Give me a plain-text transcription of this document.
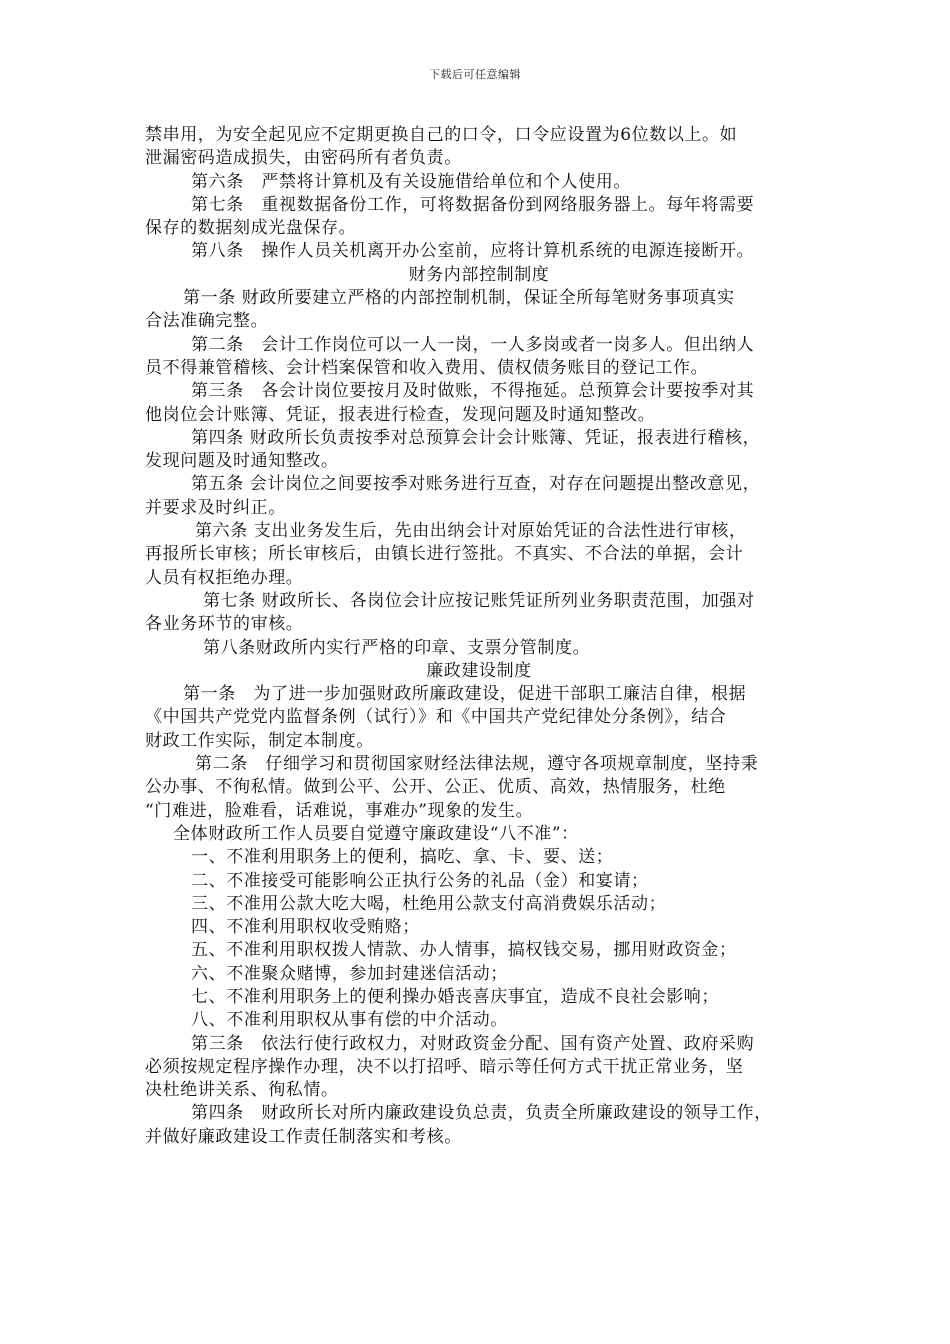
下载后可任意编辑
禁串用，为安全起见应不定期更换自己的口令，口令应设置为6位数以上。如
泄漏密码造成损失，由密码所有者负责。
第六条　严禁将计算机及有关设施借给单位和个人使用。
第七条　重视数据备份工作，可将数据备份到网络服务器上。每年将需要
保存的数据刻成光盘保存。
第八条　操作人员关机离开办公室前，应将计算机系统的电源连接断开。
财务内部控制制度
第一条 财政所要建立严格的内部控制机制，保证全所每笔财务事项真实
合法准确完整。
第二条　会计工作岗位可以一人一岗，一人多岗或者一岗多人。但出纳人
员不得兼管稽核、会计档案保管和收入费用、债权债务账目的登记工作。
第三条　各会计岗位要按月及时做账，不得拖延。总预算会计要按季对其
他岗位会计账簿、凭证，报表进行检查，发现问题及时通知整改。
第四条 财政所长负责按季对总预算会计会计账簿、凭证，报表进行稽核，
发现问题及时通知整改。
第五条 会计岗位之间要按季对账务进行互查，对存在问题提出整改意见，
并要求及时纠正。
第六条 支出业务发生后，先由出纳会计对原始凭证的合法性进行审核，
再报所长审核；所长审核后，由镇长进行签批。不真实、不合法的单据，会计
人员有权拒绝办理。
第七条 财政所长、各岗位会计应按记账凭证所列业务职责范围，加强对
各业务环节的审核。
第八条财政所内实行严格的印章、支票分管制度。
廉政建设制度
第一条　为了进一步加强财政所廉政建设，促进干部职工廉洁自律，根据
《中国共产党党内监督条例（试行）》和《中国共产党纪律处分条例》，结合
财政工作实际，制定本制度。
第二条　仔细学习和贯彻国家财经法律法规，遵守各项规章制度，坚持秉
公办事、不徇私情。做到公平、公开、公正、优质、高效，热情服务，杜绝
“门难进，脸难看，话难说，事难办”现象的发生。
全体财政所工作人员要自觉遵守廉政建设“八不准”：
一、不准利用职务上的便利，搞吃、拿、卡、要、送；
二、不准接受可能影响公正执行公务的礼品（金）和宴请；
三、不准用公款大吃大喝，杜绝用公款支付高消费娱乐活动；
四、不准利用职权收受贿赂；
五、不准利用职权拨人情款、办人情事，搞权钱交易，挪用财政资金；
六、不准聚众赌博，参加封建迷信活动；
七、不准利用职务上的便利操办婚丧喜庆事宜，造成不良社会影响；
八、不准利用职权从事有偿的中介活动。
第三条　依法行使行政权力，对财政资金分配、国有资产处置、政府采购
必须按规定程序操作办理，决不以打招呼、暗示等任何方式干扰正常业务，坚
决杜绝讲关系、徇私情。
第四条　财政所长对所内廉政建设负总责，负责全所廉政建设的领导工作，
并做好廉政建设工作责任制落实和考核。
